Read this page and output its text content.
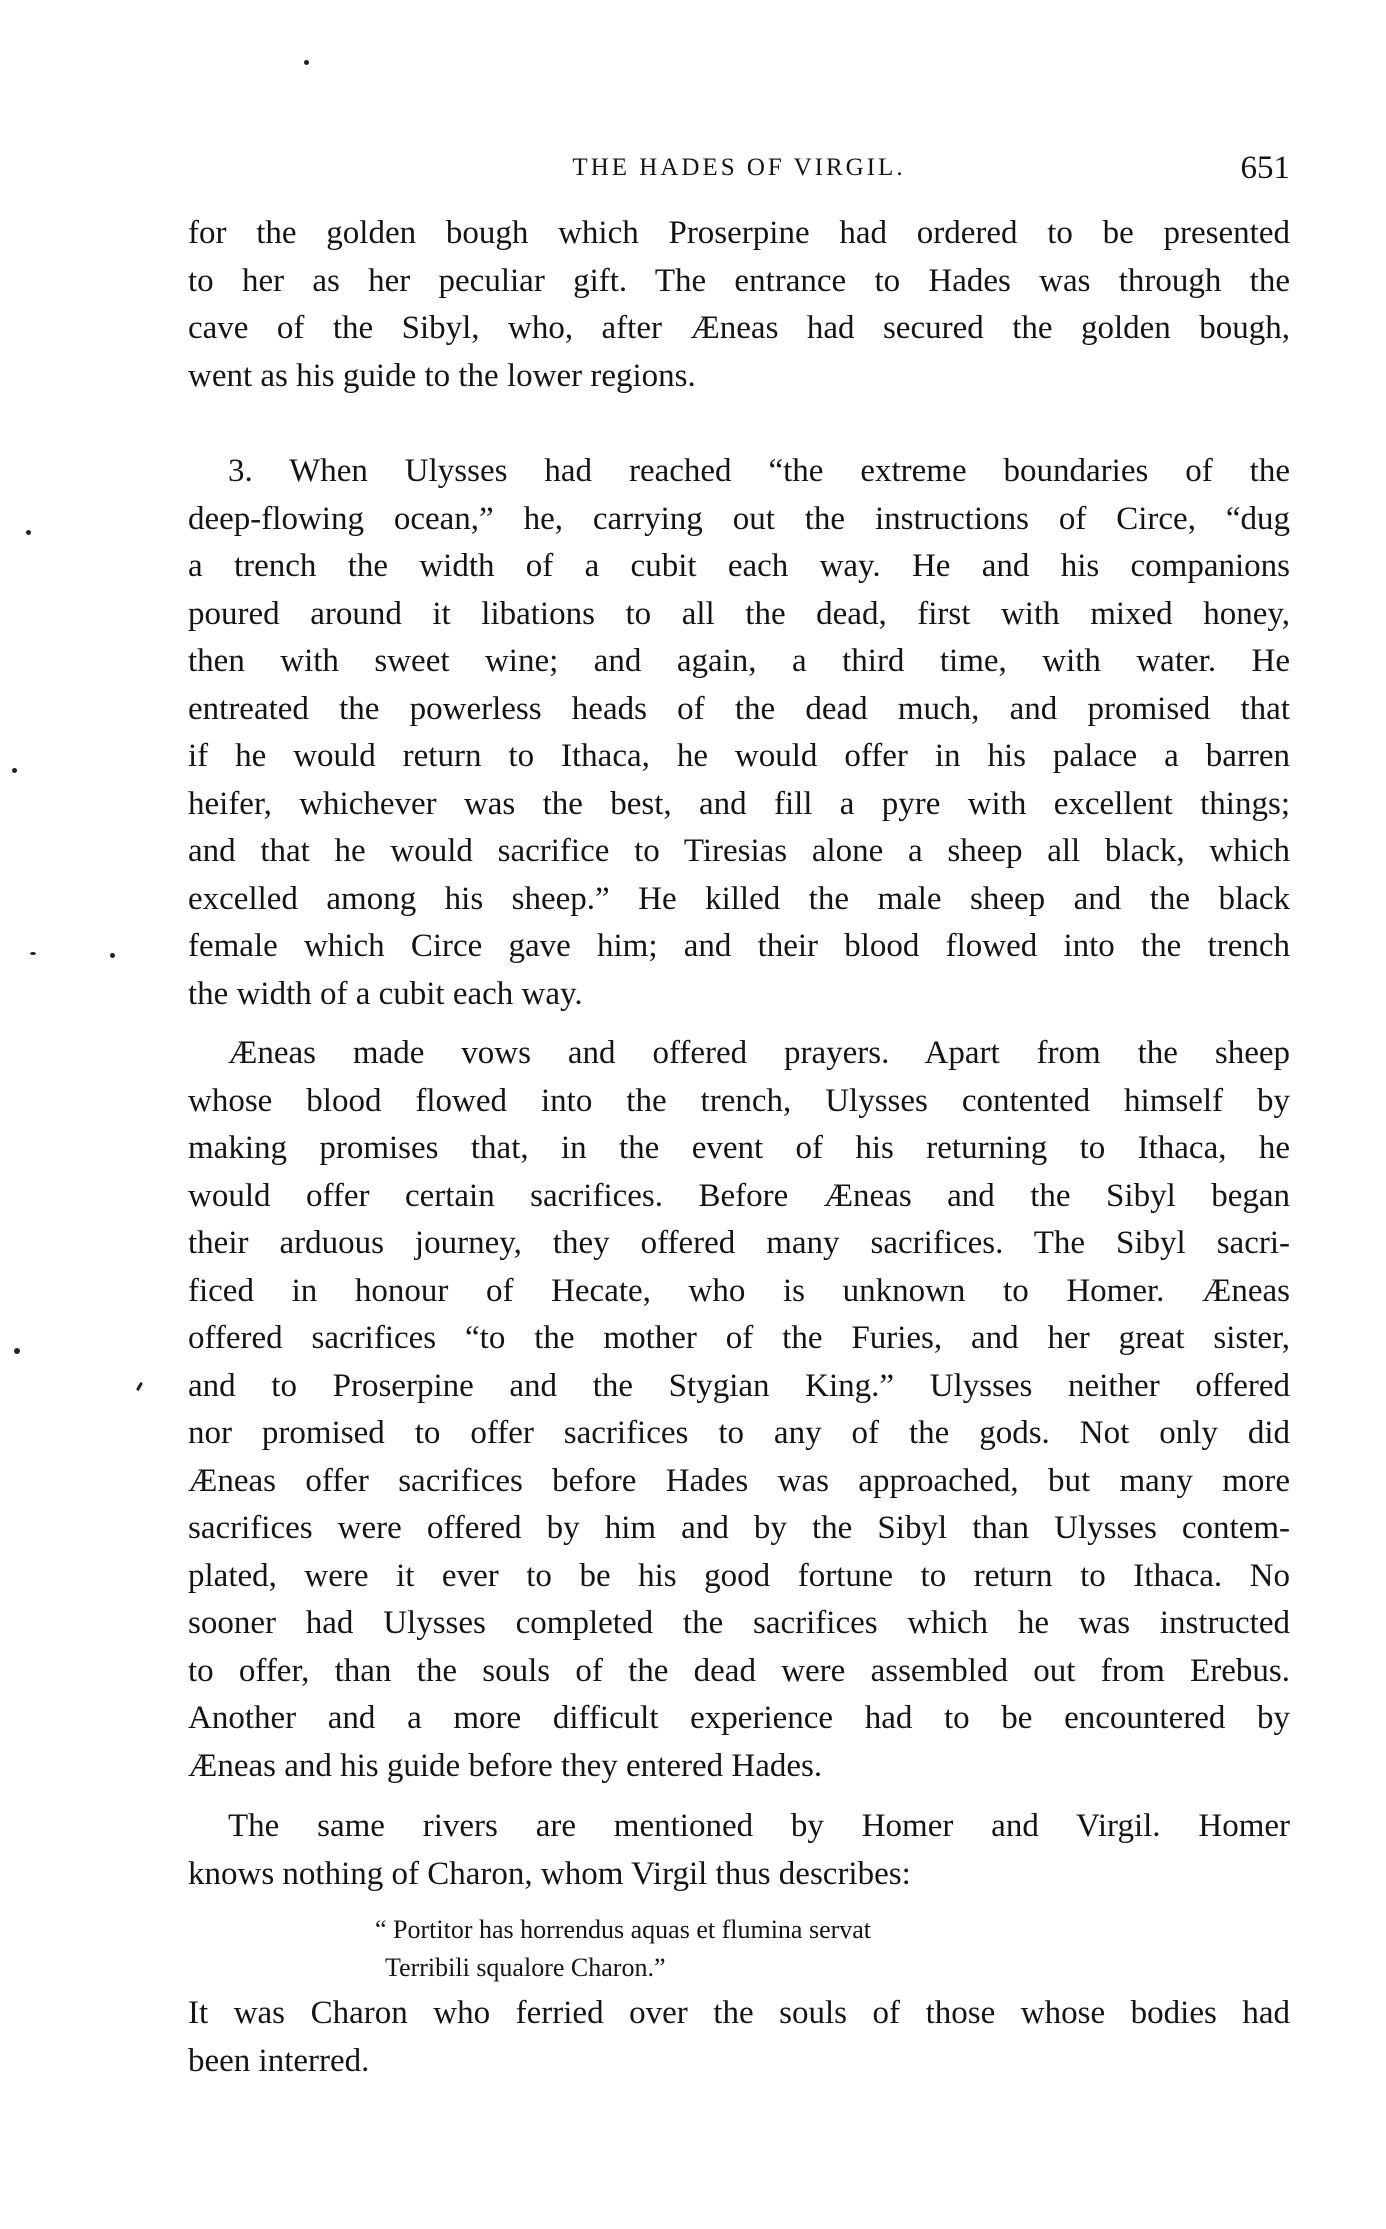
THE HADES OF VIRGIL.	651
for the golden bough which Proserpine had ordered to be presented
to her as her peculiar gift. The entrance to Hades was through the
cave of the Sibyl, who, after Æneas had secured the golden bough,
went as his guide to the lower regions.
3. When Ulysses had reached “the extreme boundaries of the
deep-flowing ocean,” he, carrying out the instructions of Circe, “dug
a trench the width of a cubit each way. He and his companions
poured around it libations to all the dead, first with mixed honey,
then with sweet wine; and again, a third time, with water. He
entreated the powerless heads of the dead much, and promised that
if he would return to Ithaca, he would offer in his palace a barren
heifer, whichever was the best, and fill a pyre with excellent things;
and that he would sacrifice to Tiresias alone a sheep all black, which
excelled among his sheep.” He killed the male sheep and the black
female which Circe gave him; and their blood flowed into the trench
the width of a cubit each way.
Æneas made vows and offered prayers. Apart from the sheep
whose blood flowed into the trench, Ulysses contented himself by
making promises that, in the event of his returning to Ithaca, he
would offer certain sacrifices. Before Æneas and the Sibyl began
their arduous journey, they offered many sacrifices. The Sibyl sacri-
ficed in honour of Hecate, who is unknown to Homer. Æneas
offered sacrifices “to the mother of the Furies, and her great sister,
and to Proserpine and the Stygian King.” Ulysses neither offered
nor promised to offer sacrifices to any of the gods. Not only did
Æneas offer sacrifices before Hades was approached, but many more
sacrifices were offered by him and by the Sibyl than Ulysses contem-
plated, were it ever to be his good fortune to return to Ithaca. No
sooner had Ulysses completed the sacrifices which he was instructed
to offer, than the souls of the dead were assembled out from Erebus.
Another and a more difficult experience had to be encountered by
Æneas and his guide before they entered Hades.
The same rivers are mentioned by Homer and Virgil. Homer
knows nothing of Charon, whom Virgil thus describes:
“ Portitor has horrendus aquas et flumina servat
Terribili squalore Charon.”
It was Charon who ferried over the souls of those whose bodies had
been interred.
